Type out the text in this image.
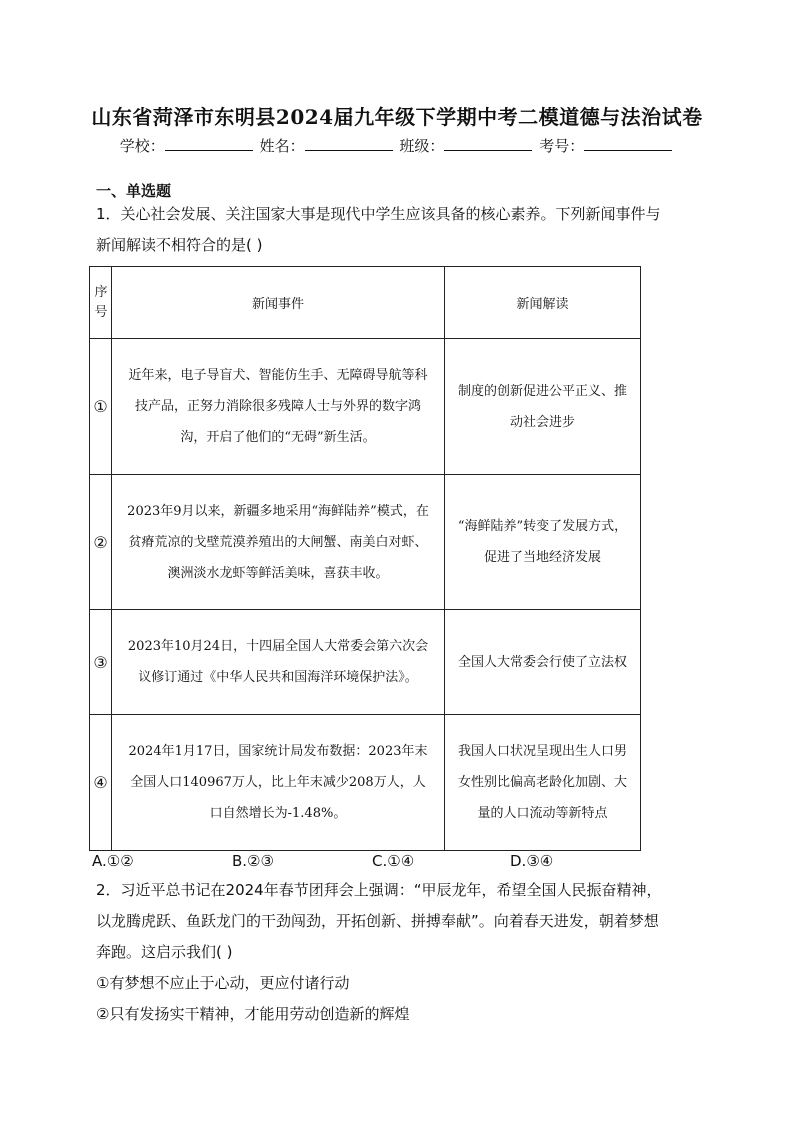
山东省菏泽市东明县2024届九年级下学期中考二模道德与法治试卷
学校：	姓名：	班级：	考号：
一、单选题
1．关心社会发展、关注国家大事是现代中学生应该具备的核心素养。下列新闻事件与
新闻解读不相符合的是( )
序号	新闻事件	新闻解读
①	近年来，电子导盲犬、智能仿生手、无障碍导航等科技产品，正努力消除很多残障人士与外界的数字鸿沟，开启了他们的“无碍”新生活。	制度的创新促进公平正义、推动社会进步
②	2023年9月以来，新疆多地采用“海鲜陆养”模式，在贫瘠荒凉的戈壁荒漠养殖出的大闸蟹、南美白对虾、澳洲淡水龙虾等鲜活美味，喜获丰收。	“海鲜陆养”转变了发展方式，促进了当地经济发展
③	2023年10月24日，十四届全国人大常委会第六次会议修订通过《中华人民共和国海洋环境保护法》。	全国人大常委会行使了立法权
④	2024年1月17日，国家统计局发布数据：2023年末全国人口140967万人，比上年末减少208万人，人口自然增长为-1.48%。	我国人口状况呈现出生人口男女性别比偏高老龄化加剧、大量的人口流动等新特点
A.①②	B.②③	C.①④	D.③④
2．习近平总书记在2024年春节团拜会上强调：“甲辰龙年，希望全国人民振奋精神，
以龙腾虎跃、鱼跃龙门的干劲闯劲，开拓创新、拼搏奉献”。向着春天进发，朝着梦想
奔跑。这启示我们( )
①有梦想不应止于心动，更应付诸行动
②只有发扬实干精神，才能用劳动创造新的辉煌
